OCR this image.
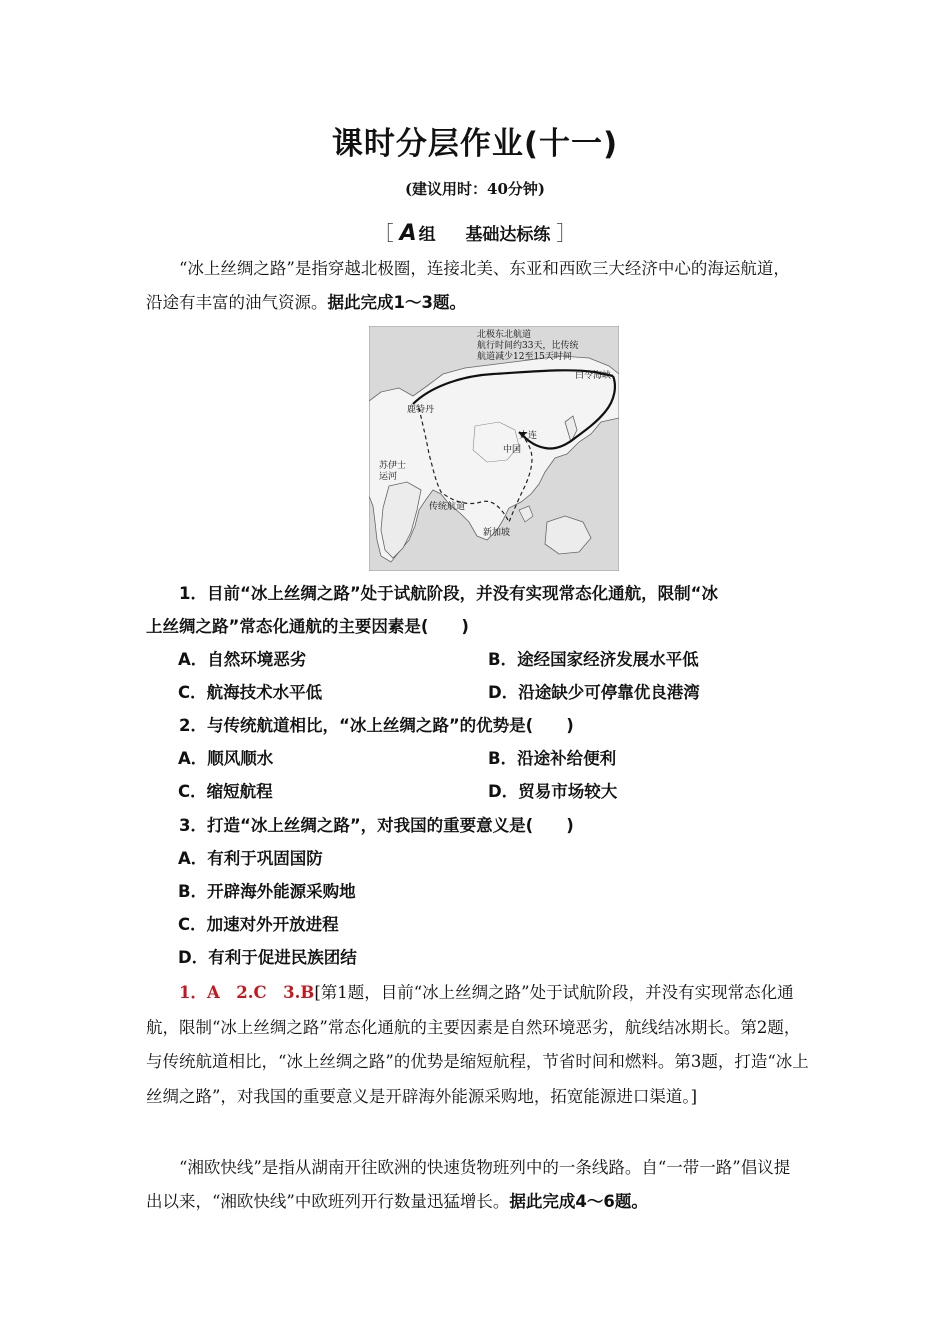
课时分层作业(十一)
(建议用时：40分钟)
［ A 组 基础达标练 ］
“冰上丝绸之路”是指穿越北极圈，连接北美、东亚和西欧三大经济中心的海运航道，沿途有丰富的油气资源。据此完成1～3题。
北极东北航道
航行时间约33天，比传统
航道减少12至15天时间
白令海峡
鹿特丹
大连
中国
苏伊士
运河
传统航道
新加坡
1．目前“冰上丝绸之路”处于试航阶段，并没有实现常态化通航，限制“冰
上丝绸之路”常态化通航的主要因素是(　　)
A．自然环境恶劣	B．途经国家经济发展水平低
C．航海技术水平低	D．沿途缺少可停靠优良港湾
2．与传统航道相比，“冰上丝绸之路”的优势是(　　)
A．顺风顺水	B．沿途补给便利
C．缩短航程	D．贸易市场较大
3．打造“冰上丝绸之路”，对我国的重要意义是(　　)
A．有利于巩固国防
B．开辟海外能源采购地
C．加速对外开放进程
D．有利于促进民族团结
1．A　2.C　3.B[第1题，目前“冰上丝绸之路”处于试航阶段，并没有实现常态化通航，限制“冰上丝绸之路”常态化通航的主要因素是自然环境恶劣，航线结冰期长。第2题，与传统航道相比，“冰上丝绸之路”的优势是缩短航程，节省时间和燃料。第3题，打造“冰上丝绸之路”，对我国的重要意义是开辟海外能源采购地，拓宽能源进口渠道。]
“湘欧快线”是指从湖南开往欧洲的快速货物班列中的一条线路。自“一带一路”倡议提出以来，“湘欧快线”中欧班列开行数量迅猛增长。据此完成4～6题。
